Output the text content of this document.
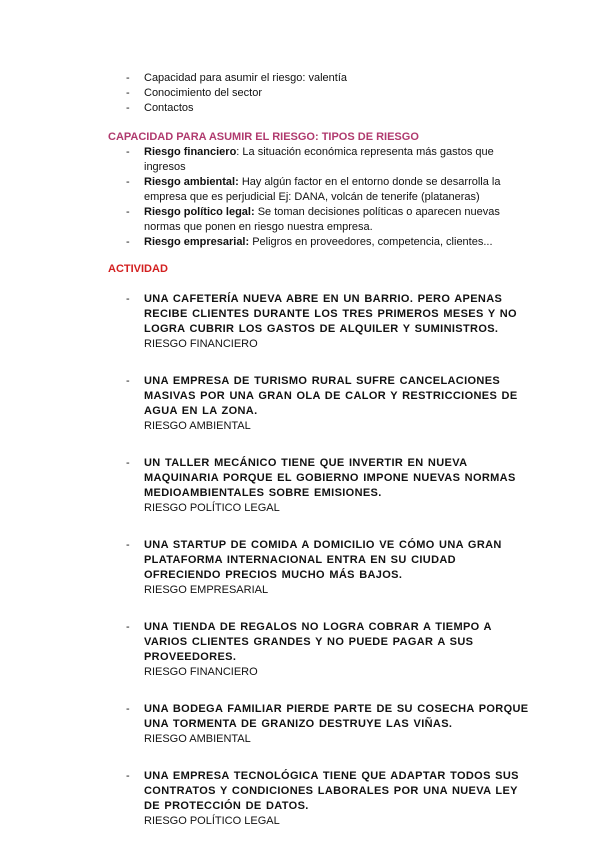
- Capacidad para asumir el riesgo: valentía
- Conocimiento del sector
- Contactos
CAPACIDAD PARA ASUMIR EL RIESGO: TIPOS DE RIESGO
- Riesgo financiero: La situación económica representa más gastos que ingresos
- Riesgo ambiental: Hay algún factor en el entorno donde se desarrolla la empresa que es perjudicial Ej: DANA, volcán de tenerife (plataneras)
- Riesgo político legal: Se toman decisiones políticas o aparecen nuevas normas que ponen en riesgo nuestra empresa.
- Riesgo empresarial: Peligros en proveedores, competencia, clientes...
ACTIVIDAD
- UNA CAFETERÍA NUEVA ABRE EN UN BARRIO. PERO APENAS RECIBE CLIENTES DURANTE LOS TRES PRIMEROS MESES Y NO LOGRA CUBRIR LOS GASTOS DE ALQUILER Y SUMINISTROS.
RIESGO FINANCIERO
- UNA EMPRESA DE TURISMO RURAL SUFRE CANCELACIONES MASIVAS POR UNA GRAN OLA DE CALOR Y RESTRICCIONES DE AGUA EN LA ZONA.
RIESGO AMBIENTAL
- UN TALLER MECÁNICO TIENE QUE INVERTIR EN NUEVA MAQUINARIA PORQUE EL GOBIERNO IMPONE NUEVAS NORMAS MEDIOAMBIENTALES SOBRE EMISIONES.
RIESGO POLÍTICO LEGAL
- UNA STARTUP DE COMIDA A DOMICILIO VE CÓMO UNA GRAN PLATAFORMA INTERNACIONAL ENTRA EN SU CIUDAD OFRECIENDO PRECIOS MUCHO MÁS BAJOS.
RIESGO EMPRESARIAL
- UNA TIENDA DE REGALOS NO LOGRA COBRAR A TIEMPO A VARIOS CLIENTES GRANDES Y NO PUEDE PAGAR A SUS PROVEEDORES.
RIESGO FINANCIERO
- UNA BODEGA FAMILIAR PIERDE PARTE DE SU COSECHA PORQUE UNA TORMENTA DE GRANIZO DESTRUYE LAS VIÑAS.
RIESGO AMBIENTAL
- UNA EMPRESA TECNOLÓGICA TIENE QUE ADAPTAR TODOS SUS CONTRATOS Y CONDICIONES LABORALES POR UNA NUEVA LEY DE PROTECCIÓN DE DATOS.
RIESGO POLÍTICO LEGAL
